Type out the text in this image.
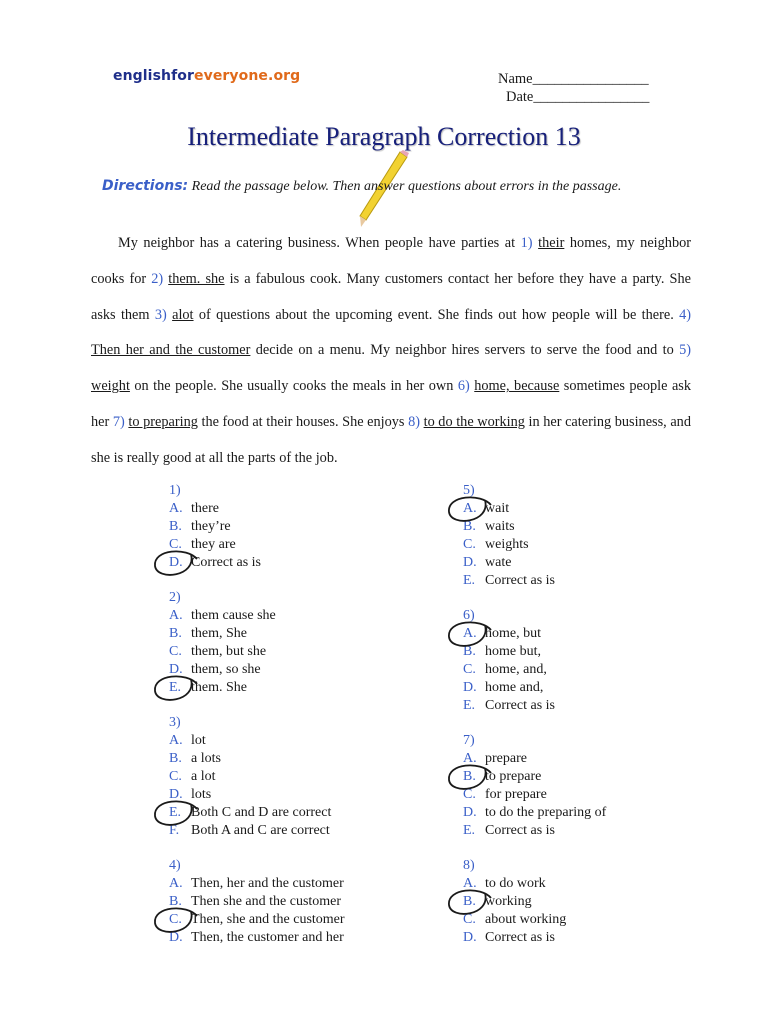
englishforeveryone.org	Name________________
Date________________
Intermediate Paragraph Correction 13
Directions: Read the passage below. Then answer questions about errors in the passage.

My neighbor has a catering business. When people have parties at 1) their homes, my neighbor cooks for 2) them. she is a fabulous cook. Many customers contact her before they have a party. She asks them 3) alot of questions about the upcoming event. She finds out how people will be there. 4) Then her and the customer decide on a menu. My neighbor hires servers to serve the food and to 5) weight on the people. She usually cooks the meals in her own 6) home, because sometimes people ask her 7) to preparing the food at their houses. She enjoys 8) to do the working in her catering business, and she is really good at all the parts of the job.

1)
A. there
B. they’re
C. they are
D. Correct as is
2)
A. them cause she
B. them, She
C. them, but she
D. them, so she
E. them. She
3)
A. lot
B. a lots
C. a lot
D. lots
E. Both C and D are correct
F. Both A and C are correct
4)
A. Then, her and the customer
B. Then she and the customer
C. Then, she and the customer
D. Then, the customer and her
5)
A. wait
B. waits
C. weights
D. wate
E. Correct as is
6)
A. home, but
B. home but,
C. home, and,
D. home and,
E. Correct as is
7)
A. prepare
B. to prepare
C. for prepare
D. to do the preparing of
E. Correct as is
8)
A. to do work
B. working
C. about working
D. Correct as is
